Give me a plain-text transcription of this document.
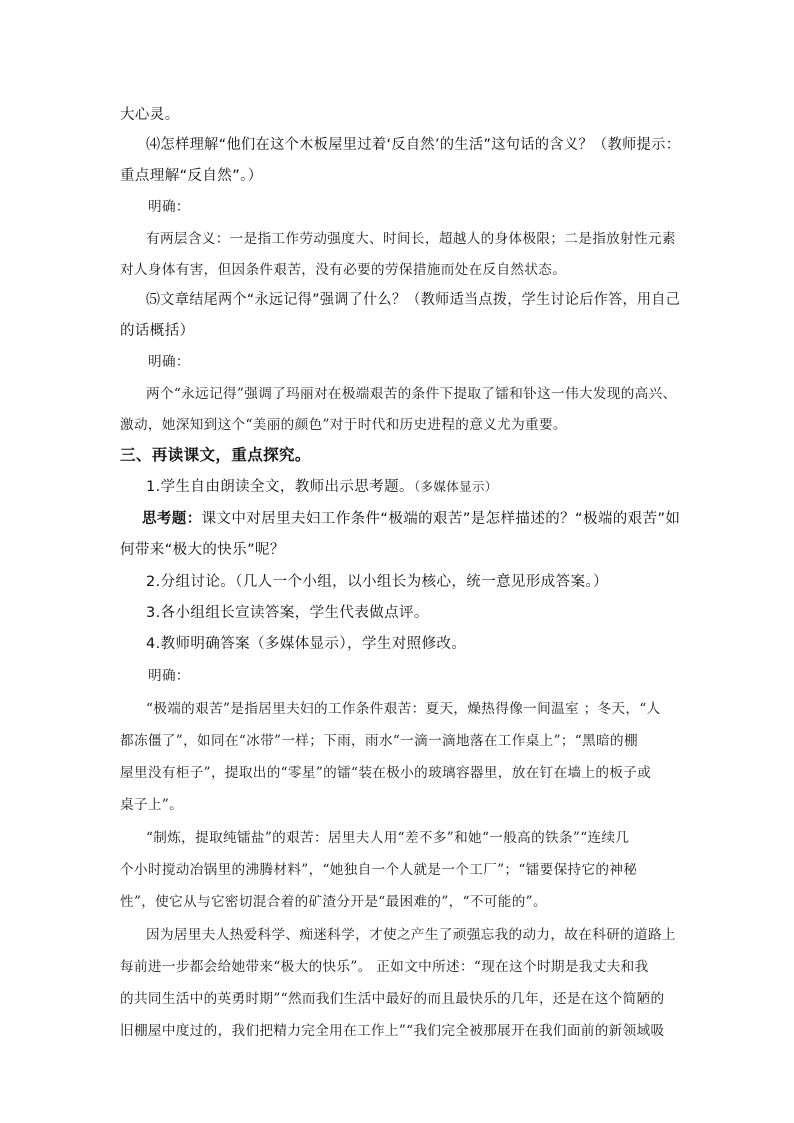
大心灵。
⑷怎样理解“他们在这个木板屋里过着‘反自然’的生活”这句话的含义？（教师提示：
重点理解“反自然”。）
明确：
有两层含义：一是指工作劳动强度大、时间长，超越人的身体极限；二是指放射性元素
对人身体有害，但因条件艰苦，没有必要的劳保措施而处在反自然状态。
⑸文章结尾两个“永远记得”强调了什么？（教师适当点拨，学生讨论后作答，用自己
的话概括）
明确：
两个“永远记得”强调了玛丽对在极端艰苦的条件下提取了镭和钋这一伟大发现的高兴、
激动，她深知到这个“美丽的颜色”对于时代和历史进程的意义尤为重要。
三、再读课文，重点探究。
1.学生自由朗读全文，教师出示思考题。（多媒体显示）
思考题：课文中对居里夫妇工作条件“极端的艰苦”是怎样描述的？“极端的艰苦”如
何带来“极大的快乐”呢？
2.分组讨论。（几人一个小组，以小组长为核心，统一意见形成答案。）
3.各小组组长宣读答案，学生代表做点评。
4.教师明确答案（多媒体显示），学生对照修改。
明确：
“极端的艰苦”是指居里夫妇的工作条件艰苦：夏天，燥热得像一间温室 ；冬天，“人
都冻僵了”，如同在“冰带”一样；下雨，雨水“一滴一滴地落在工作桌上”；“黑暗的棚
屋里没有柜子”，提取出的“零星”的镭“装在极小的玻璃容器里，放在钉在墙上的板子或
桌子上”。
“制炼，提取纯镭盐”的艰苦：居里夫人用“差不多”和她“一般高的铁条”“连续几
个小时搅动冶锅里的沸腾材料”，“她独自一个人就是一个工厂”；“镭要保持它的神秘
性”，使它从与它密切混合着的矿渣分开是“最困难的”，“不可能的”。
因为居里夫人热爱科学、痴迷科学，才使之产生了顽强忘我的动力，故在科研的道路上
每前进一步都会给她带来“极大的快乐”。 正如文中所述：“现在这个时期是我丈夫和我
的共同生活中的英勇时期”“然而我们生活中最好的而且最快乐的几年，还是在这个简陋的
旧棚屋中度过的，我们把精力完全用在工作上”“我们完全被那展开在我们面前的新领域吸
